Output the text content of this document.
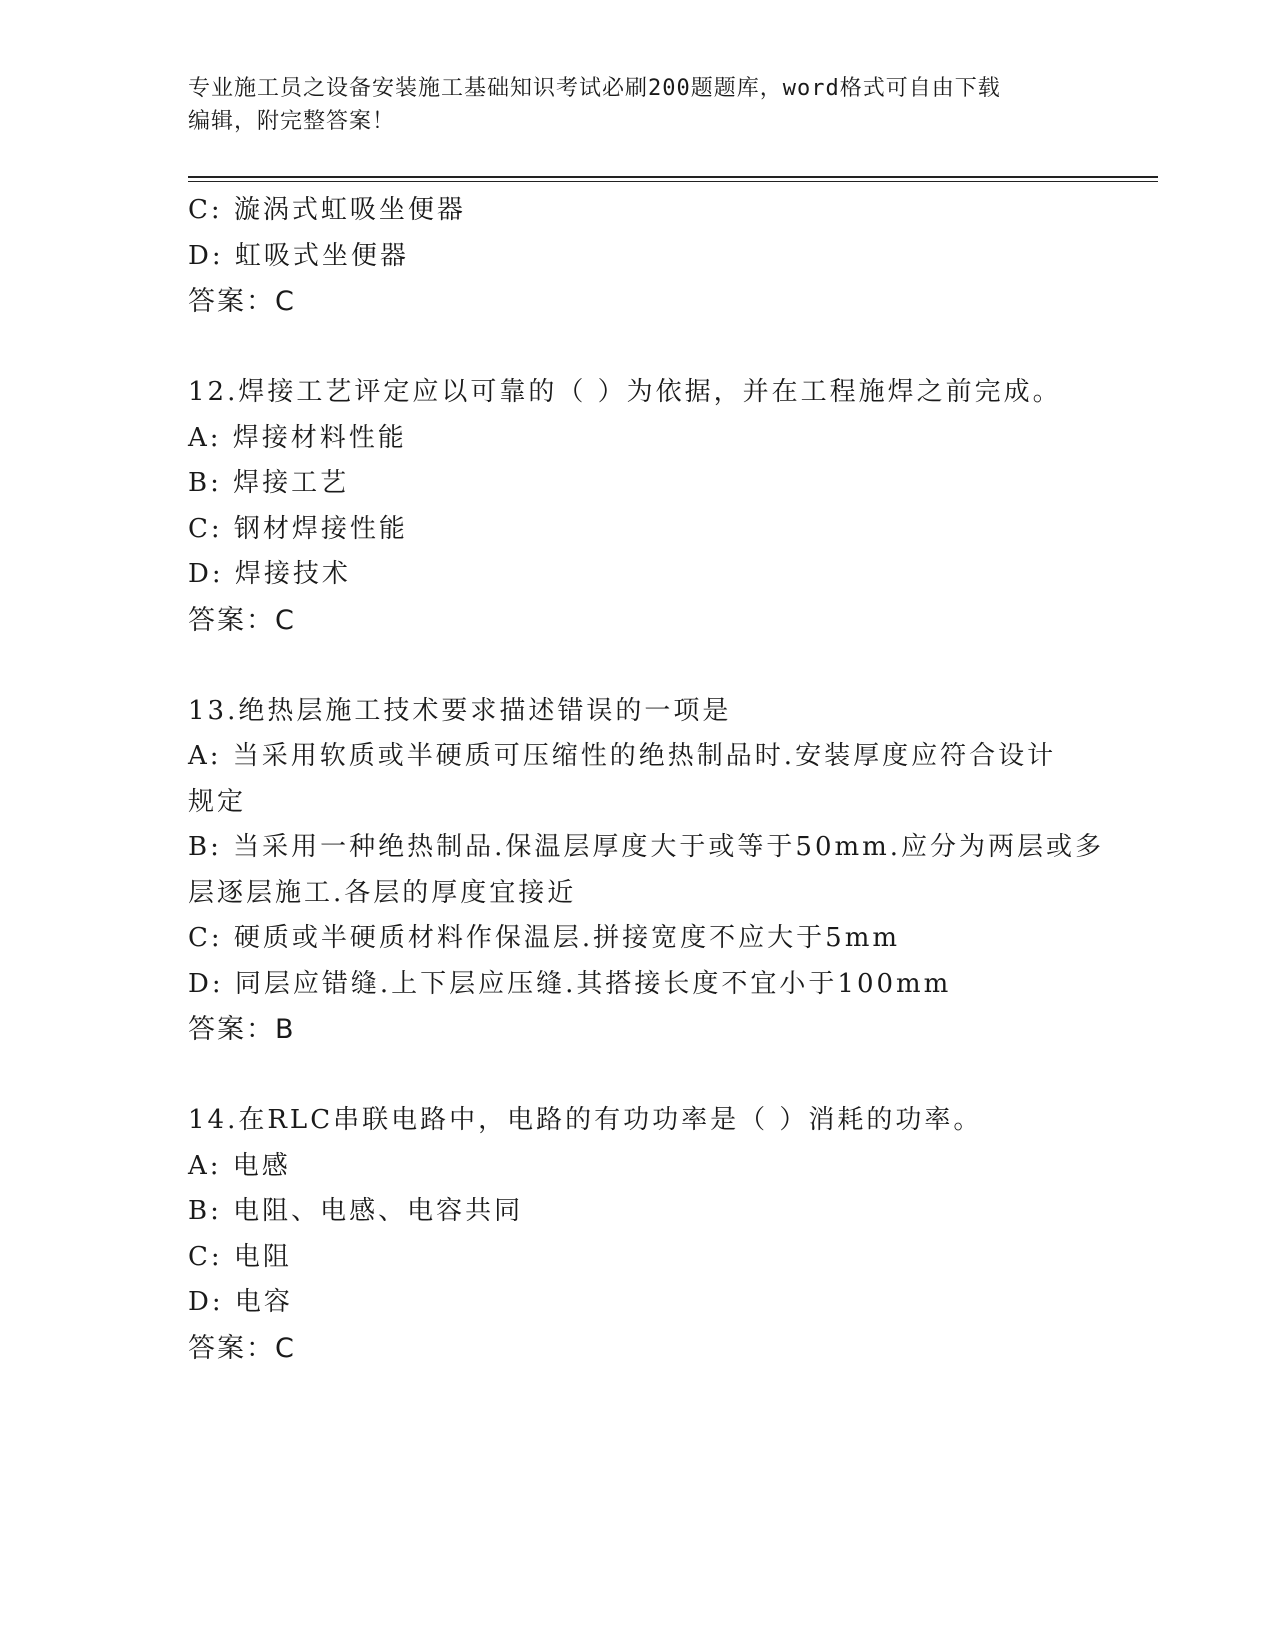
专业施工员之设备安装施工基础知识考试必刷200题题库，word格式可自由下载
编辑，附完整答案！
C: 漩涡式虹吸坐便器
D: 虹吸式坐便器
答案：C
12.焊接工艺评定应以可靠的（ ）为依据，并在工程施焊之前完成。
A: 焊接材料性能
B: 焊接工艺
C: 钢材焊接性能
D: 焊接技术
答案：C
13.绝热层施工技术要求描述错误的一项是
A: 当采用软质或半硬质可压缩性的绝热制品时.安装厚度应符合设计
规定
B: 当采用一种绝热制品.保温层厚度大于或等于50mm.应分为两层或多
层逐层施工.各层的厚度宜接近
C: 硬质或半硬质材料作保温层.拼接宽度不应大于5mm
D: 同层应错缝.上下层应压缝.其搭接长度不宜小于100mm
答案：B
14.在RLC串联电路中，电路的有功功率是（ ）消耗的功率。
A: 电感
B: 电阻、电感、电容共同
C: 电阻
D: 电容
答案：C
